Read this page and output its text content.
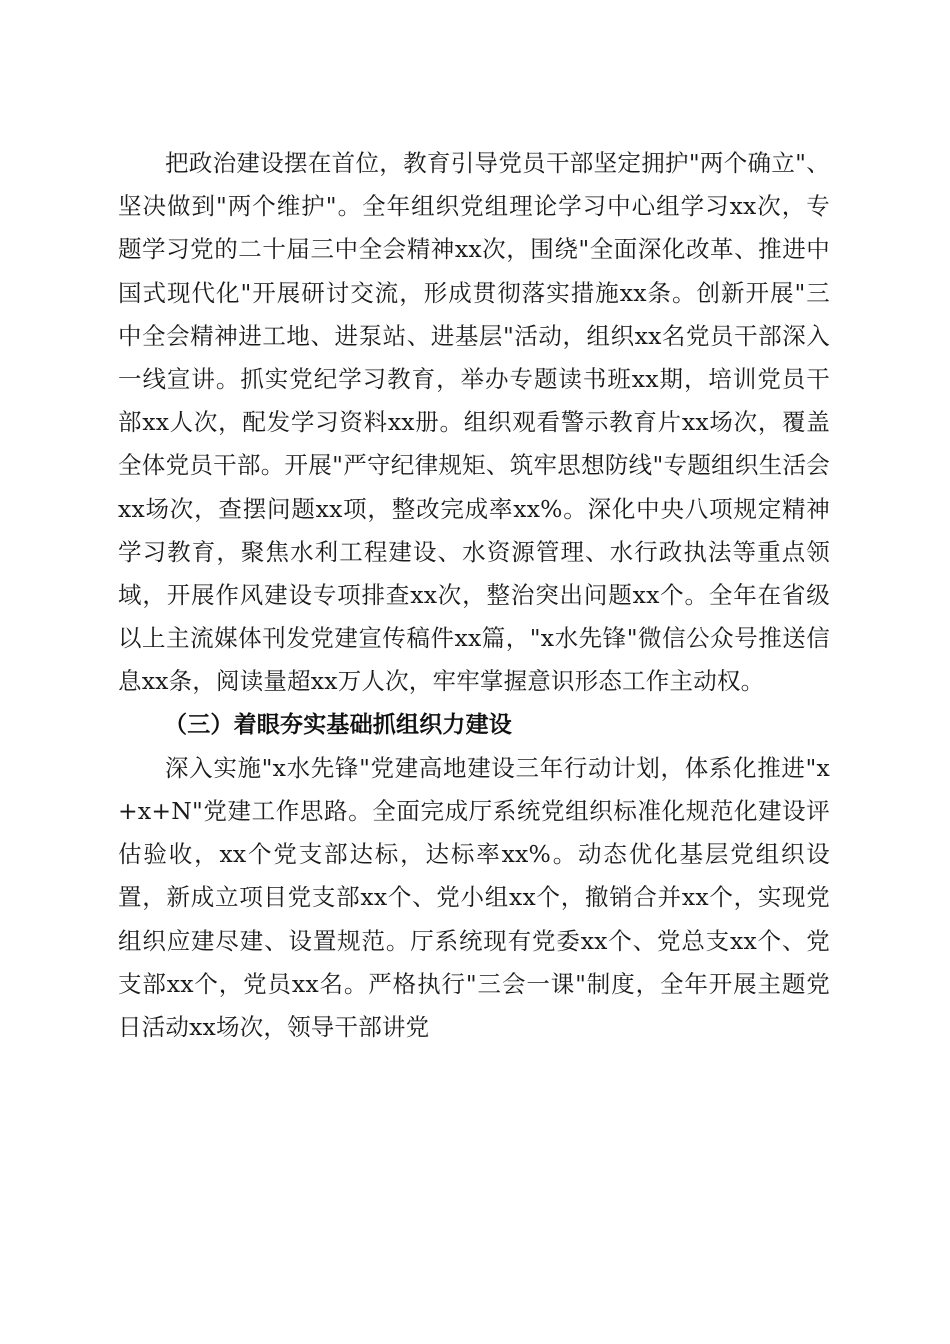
把政治建设摆在首位，教育引导党员干部坚定拥护"两个确立"、坚决做到"两个维护"。全年组织党组理论学习中心组学习xx次，专题学习党的二十届三中全会精神xx次，围绕"全面深化改革、推进中国式现代化"开展研讨交流，形成贯彻落实措施xx条。创新开展"三中全会精神进工地、进泵站、进基层"活动，组织xx名党员干部深入一线宣讲。抓实党纪学习教育，举办专题读书班xx期，培训党员干部xx人次，配发学习资料xx册。组织观看警示教育片xx场次，覆盖全体党员干部。开展"严守纪律规矩、筑牢思想防线"专题组织生活会xx场次，查摆问题xx项，整改完成率xx%。深化中央八项规定精神学习教育，聚焦水利工程建设、水资源管理、水行政执法等重点领域，开展作风建设专项排查xx次，整治突出问题xx个。全年在省级以上主流媒体刊发党建宣传稿件xx篇，"x水先锋"微信公众号推送信息xx条，阅读量超xx万人次，牢牢掌握意识形态工作主动权。

（三）着眼夯实基础抓组织力建设

深入实施"x水先锋"党建高地建设三年行动计划，体系化推进"x+x+N"党建工作思路。全面完成厅系统党组织标准化规范化建设评估验收，xx个党支部达标，达标率xx%。动态优化基层党组织设置，新成立项目党支部xx个、党小组xx个，撤销合并xx个，实现党组织应建尽建、设置规范。厅系统现有党委xx个、党总支xx个、党支部xx个，党员xx名。严格执行"三会一课"制度，全年开展主题党日活动xx场次，领导干部讲党
